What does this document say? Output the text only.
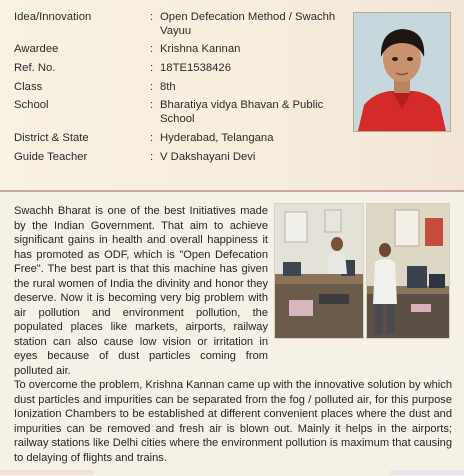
Idea/Innovation	: Open Defecation Method / Swachh Vayuu
Awardee	: Krishna Kannan
Ref. No.	: 18TE1538426
Class	: 8th
School	: Bharatiya vidya Bhavan & Public School
District & State	: Hyderabad, Telangana
Guide Teacher	: V Dakshayani Devi
Swachh Bharat is one of the best Initiatives made by the Indian Government. That aim to achieve significant gains in health and overall happiness it has promoted as ODF, which is "Open Defecation Free". The best part is that this machine has given the rural women of India the divinity and honor they deserve. Now it is becoming very big problem with air pollution and environment pollution, the populated places like markets, airports, railway station can also cause low vision or irritation in eyes because of dust particles coming from polluted air.
To overcome the problem, Krishna Kannan came up with the innovative solution by which dust particles and impurities can be separated from the fog / polluted air, for this purpose Ionization Chambers to be established at different convenient places where the dust and impurities can be removed and fresh air is blown out. Mainly it helps in the airports; railway stations like Delhi cities where the environment pollution is maximum that causing to delaying of flights and trains.
